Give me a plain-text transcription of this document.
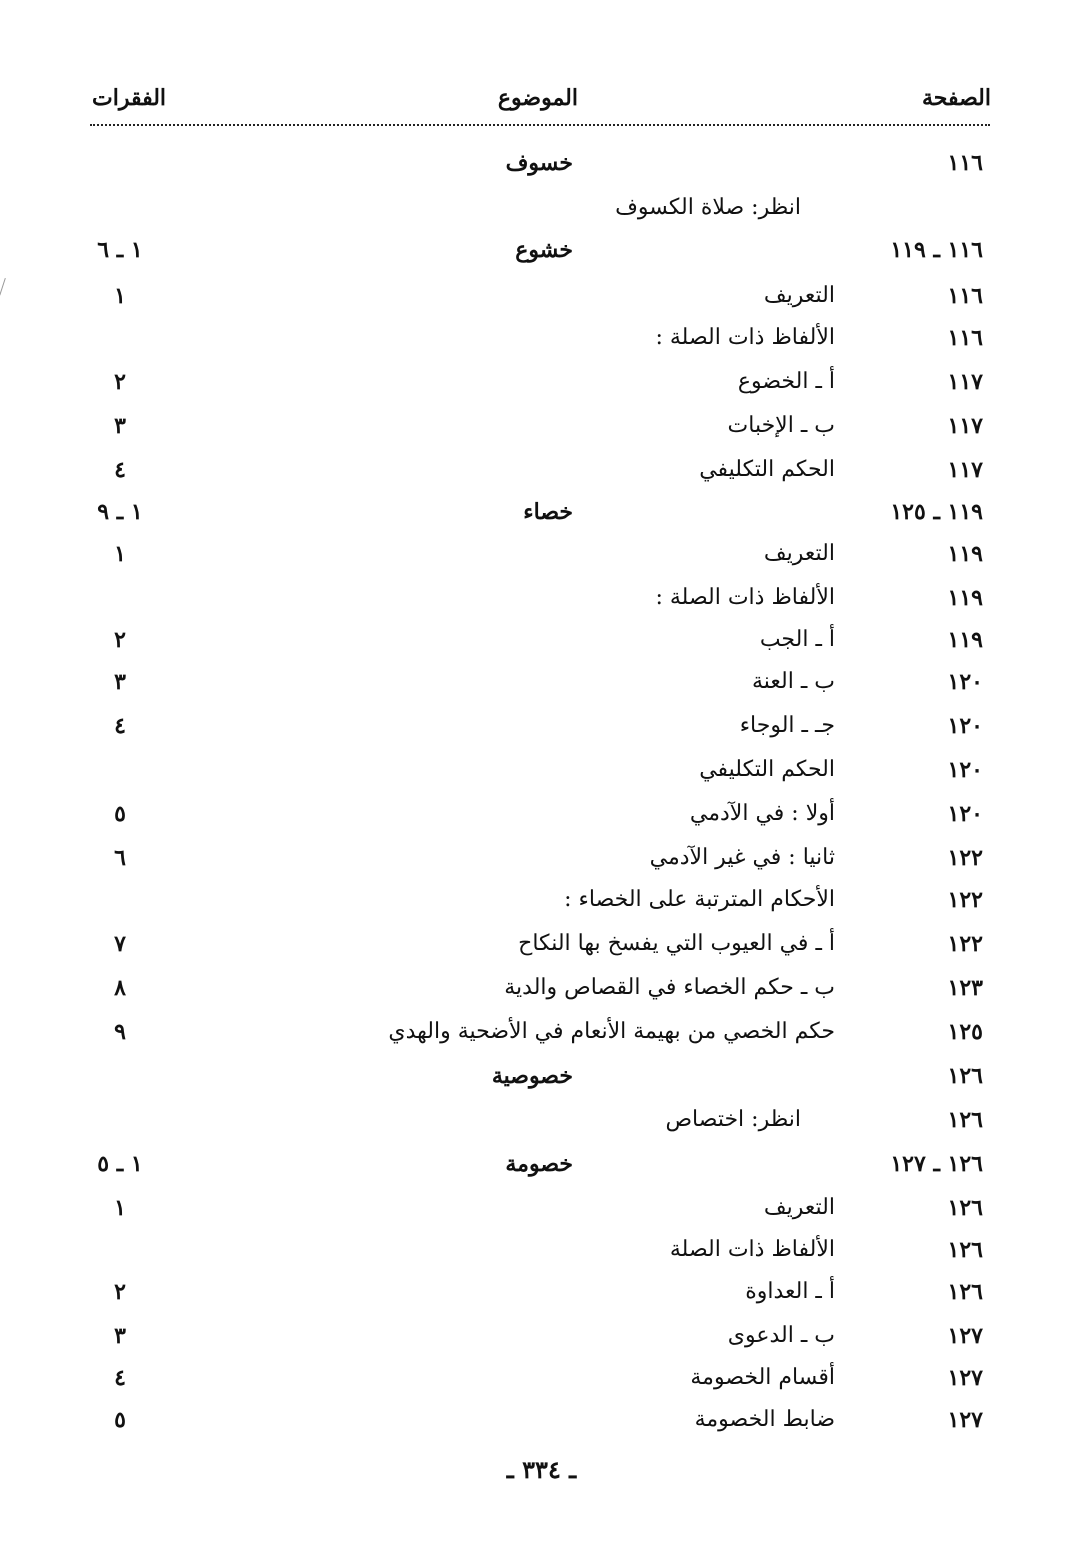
الصفحة
الموضوع
الفقرات
١١٦
خسوف
انظر: صلاة الكسوف
١١٦ ـ ١١٩
خشوع
١ ـ ٦
١١٦
التعريف
١
١١٦
الألفاظ ذات الصلة :
١١٧
أ ـ الخضوع
٢
١١٧
ب ـ الإخبات
٣
١١٧
الحكم التكليفي
٤
١١٩ ـ ١٢٥
خصاء
١ ـ ٩
١١٩
التعريف
١
١١٩
الألفاظ ذات الصلة :
١١٩
أ ـ الجب
٢
١٢٠
ب ـ العنة
٣
١٢٠
جـ ـ الوجاء
٤
١٢٠
الحكم التكليفي
١٢٠
أولا : في الآدمي
٥
١٢٢
ثانيا : في غير الآدمي
٦
١٢٢
الأحكام المترتبة على الخصاء :
١٢٢
أ ـ في العيوب التي يفسخ بها النكاح
٧
١٢٣
ب ـ حكم الخصاء في القصاص والدية
٨
١٢٥
حكم الخصي من بهيمة الأنعام في الأضحية والهدي
٩
١٢٦
خصوصية
١٢٦
انظر: اختصاص
١٢٦ ـ ١٢٧
خصومة
١ ـ ٥
١٢٦
التعريف
١
١٢٦
الألفاظ ذات الصلة
١٢٦
أ ـ العداوة
٢
١٢٧
ب ـ الدعوى
٣
١٢٧
أقسام الخصومة
٤
١٢٧
ضابط الخصومة
٥
ـ ٣٣٤ ـ
